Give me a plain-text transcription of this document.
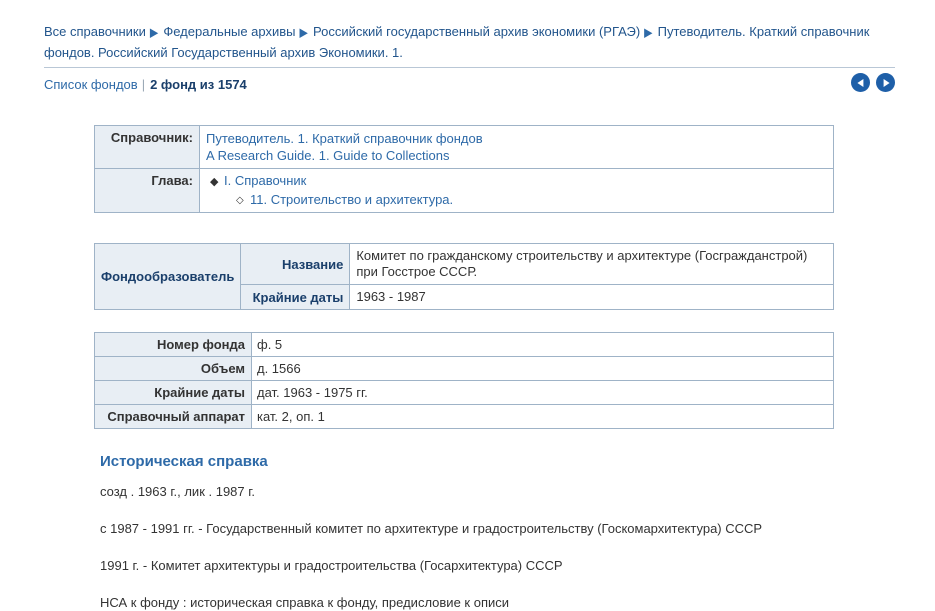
Все справочники ▶ Федеральные архивы ▶ Российский государственный архив экономики (РГАЭ) ▶ Путеводитель. Краткий справочник фондов. Российский Государственный архив Экономики. 1.
Список фондов | 2 фонд из 1574
Справочник:	Путеводитель. 1. Краткий справочник фондов
A Research Guide. 1. Guide to Collections

Глава:	◆ I. Справочник
◇ 11. Строительство и архитектура.
Фондообразователь	Название	Комитет по гражданскому строительству и архитектуре (Госгражданстрой) при Госстрое СССР.
	Крайние даты	1963 - 1987
Номер фонда	ф. 5
Объем	д. 1566
Крайние даты	дат. 1963 - 1975 гг.
Справочный аппарат	кат. 2, оп. 1
Историческая справка

созд . 1963 г., лик . 1987 г.

с 1987 - 1991 гг. - Государственный комитет по архитектуре и градостроительству (Госкомархитектура) СССР

1991 г. - Комитет архитектуры и градостроительства (Госархитектура) СССР

НСА к фонду : историческая справка к фонду, предисловие к описи
